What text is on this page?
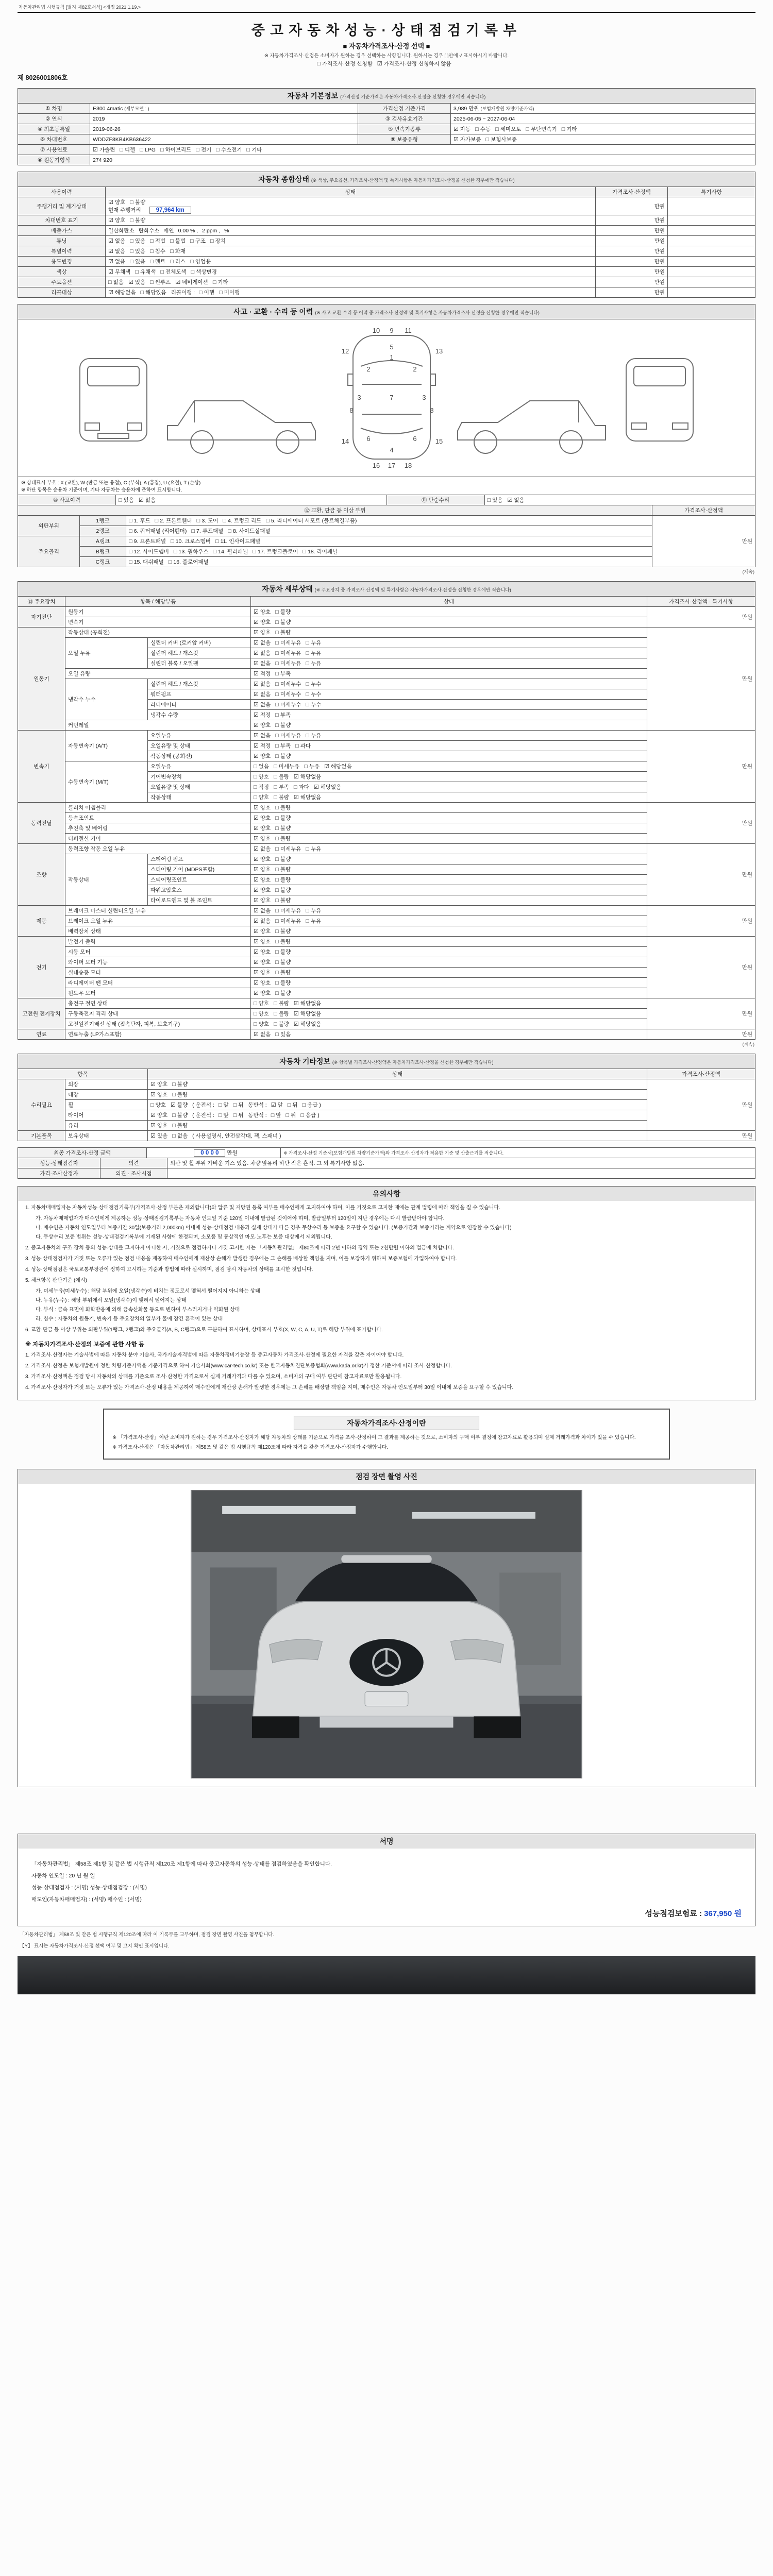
자동차관리법 시행규칙 [별지 제82호서식] <개정 2021.1.19.>
중고자동차성능·상태점검기록부
■ 자동차가격조사·산정 선택 ■
※ 자동차가격조사·산정은 소비자가 원하는 경우 선택하는 사항입니다. 원하시는 경우 [ ]안에 √ 표시하시기 바랍니다.
□ 가격조사·산정 신청함 ☑ 가격조사·산정 신청하지 않음
제 8026001806호
자동차 기본정보 (가격산정 기준가격은 자동차가격조사·산정을 신청한 경우에만 적습니다)			
① 차명	E300 4matic (세부모델 : )	가격산정 기준가격	3,989 만원 (보험개발원 차량기준가액)
② 연식	2019	③ 검사유효기간	2025-06-05 ~ 2027-06-04
④ 최초등록일	2019-06-26	⑤ 변속기종류	☑ 자동 □ 수동 □ 세미오토 □ 무단변속기 □ 기타
⑥ 차대번호	WDDZF8KB4KB636422	⑨ 보증유형	☑ 자가보증 □ 보험사보증
⑦ 사용연료	☑ 가솔린 □ 디젤 □ LPG □ 하이브리드 □ 전기 □ 수소전기 □ 기타		
⑧ 원동기형식	274 920		
자동차 종합상태 (※ 색상, 주요옵션, 가격조사·산정액 및 특기사항은 자동차가격조사·산정을 신청한 경우에만 적습니다)			
사용이력	상태	가격조사·산정액	특기사항
주행거리 및 계기상태	☑ 양호 □ 불량
현재 주행거리 97,964 km	만원	
차대번호 표기	☑ 양호 □ 불량	만원	
배출가스	일산화탄소 탄화수소 매연 0.00 % , 2 ppm , %	만원	
튜닝	☑ 없음 □ 있음 □ 적법 □ 불법 □ 구조 □ 장치	만원	
특별이력	☑ 없음 □ 있음 □ 침수 □ 화재	만원	
용도변경	☑ 없음 □ 있음 □ 렌트 □ 리스 □ 영업용	만원	
색상	☑ 무채색 □ 유채색 □ 전체도색 □ 색상변경	만원	
주요옵션	□ 없음 ☑ 있음 □ 썬루프 ☑ 네비게이션 □ 기타	만원	
리콜대상	☑ 해당없음 □ 해당있음 리콜이행 : □ 이행 □ 미이행	만원	
사고 · 교환 · 수리 등 이력 (※ 사고·교환·수리 등 이력 중 가격조사·산정액 및 특기사항은 자동차가격조사·산정을 신청한 경우에만 적습니다)

5
1
2	2
3	3
7
8	8
6	6
4
9
10	11
12	13
14	15
16 17 18

※ 상태표시 부호 : X (교환), W (판금 또는 용접), C (부식), A (흠집), U (요철), T (손상)
※ 하단 항목은 승용차 기준이며, 기타 자동차는 승용차에 준하여 표시합니다.

⑩ 사고이력	□ 있음 ☑ 없음	⑪ 단순수리	□ 있음 ☑ 없음
⑫ 교환, 판금 등 이상 부위			가격조사·산정액
외판부위	1랭크	□ 1. 후드 □ 2. 프론트휀더 □ 3. 도어 □ 4. 트렁크 리드 □ 5. 라디에이터 서포트 (볼트체결부품)	만원
	2랭크	□ 6. 쿼터패널 (리어휀더) □ 7. 루프패널 □ 8. 사이드실패널	
주요골격	A랭크	□ 9. 프론트패널 □ 10. 크로스멤버 □ 11. 인사이드패널	
	B랭크	□ 12. 사이드멤버 □ 13. 휠하우스 □ 14. 필러패널 □ 17. 트렁크플로어 □ 18. 리어패널	
	C랭크	□ 15. 대쉬패널 □ 16. 플로어패널	
(계속)
자동차 세부상태 (※ 주요장치 중 가격조사·산정액 및 특기사항은 자동차가격조사·산정을 신청한 경우에만 적습니다)				
⑬ 주요장치	항목 / 해당부품		상태	가격조사·산정액 · 특기사항
자기진단	원동기		☑ 양호 □ 불량	만원
	변속기		☑ 양호 □ 불량	
원동기	작동상태 (공회전)		☑ 양호 □ 불량	만원
	오일 누유	실린더 커버 (로커암 커버)	☑ 없음 □ 미세누유 □ 누유	
		실린더 헤드 / 개스킷	☑ 없음 □ 미세누유 □ 누유	
		실린더 블록 / 오일팬	☑ 없음 □ 미세누유 □ 누유	
	오일 유량		☑ 적정 □ 부족	
	냉각수 누수	실린더 헤드 / 개스킷	☑ 없음 □ 미세누수 □ 누수	
		워터펌프	☑ 없음 □ 미세누수 □ 누수	
		라디에이터	☑ 없음 □ 미세누수 □ 누수	
		냉각수 수량	☑ 적정 □ 부족	
	커먼레일		☑ 양호 □ 불량	
변속기	자동변속기 (A/T)	오일누유	☑ 없음 □ 미세누유 □ 누유	만원
		오일유량 및 상태	☑ 적정 □ 부족 □ 과다	
		작동상태 (공회전)	☑ 양호 □ 불량	
	수동변속기 (M/T)	오일누유	□ 없음 □ 미세누유 □ 누유 ☑ 해당없음	
		기어변속장치	□ 양호 □ 불량 ☑ 해당없음	
		오일유량 및 상태	□ 적정 □ 부족 □ 과다 ☑ 해당없음	
		작동상태	□ 양호 □ 불량 ☑ 해당없음	
동력전달	클러치 어셈블리		☑ 양호 □ 불량	만원
	등속조인트		☑ 양호 □ 불량	
	추진축 및 베어링		☑ 양호 □ 불량	
	디퍼렌셜 기어		☑ 양호 □ 불량	
조향	동력조향 작동 오일 누유		☑ 없음 □ 미세누유 □ 누유	만원
	작동상태	스티어링 펌프	☑ 양호 □ 불량	
		스티어링 기어 (MDPS포함)	☑ 양호 □ 불량	
		스티어링조인트	☑ 양호 □ 불량	
		파워고압호스	☑ 양호 □ 불량	
		타이로드엔드 및 볼 조인트	☑ 양호 □ 불량	
제동	브레이크 마스터 실린더오일 누유		☑ 없음 □ 미세누유 □ 누유	만원
	브레이크 오일 누유		☑ 없음 □ 미세누유 □ 누유	
	배력장치 상태		☑ 양호 □ 불량	
전기	발전기 출력		☑ 양호 □ 불량	만원
	시동 모터		☑ 양호 □ 불량	
	와이퍼 모터 기능		☑ 양호 □ 불량	
	실내송풍 모터		☑ 양호 □ 불량	
	라디에이터 팬 모터		☑ 양호 □ 불량	
	윈도우 모터		☑ 양호 □ 불량	
고전원 전기장치	충전구 절연 상태		□ 양호 □ 불량 ☑ 해당없음	만원
	구동축전지 격리 상태		□ 양호 □ 불량 ☑ 해당없음	
	고전원전기배선 상태 (접속단자, 피복, 보호기구)		□ 양호 □ 불량 ☑ 해당없음	
연료	연료누출 (LP가스포함)		☑ 없음 □ 있음	만원
(계속)
자동차 기타정보 (※ 항목별 가격조사·산정액은 자동차가격조사·산정을 신청한 경우에만 적습니다)			
항목		상태	가격조사·산정액
수리필요	외장	☑ 양호 □ 불량	만원
	내장	☑ 양호 □ 불량	
	휠	□ 양호 ☑ 불량 ( 운전석 : □ 앞 □ 뒤 동반석 : ☑ 앞 □ 뒤 □ 응급 )	
	타이어	☑ 양호 □ 불량 ( 운전석 : □ 앞 □ 뒤 동반석 : □ 앞 □ 뒤 □ 응급 )	
	유리	☑ 양호 □ 불량	
기본품목	보유상태	☑ 있음 □ 없음 ( 사용설명서, 안전삼각대, 잭, 스패너 )	만원
최종 가격조사·산정 금액	0 0 0 0 만원	※ 가격조사·산정 기준서(보험개발원 차량기준가액)와 가격조사·산정자가 적용한 기준 및 산출근거를 적습니다.
성능·상태점검자	의견	외관 및 휠 부위 가벼운 기스 있음. 차량 앞유리 하단 작은 흔적. 그 외 특기사항 없음.
가격·조사산정자	의견 · 조사시점	
유의사항
1. 자동차매매업자는 자동차성능·상태점검기록부(가격조사·산정 부분은 제외합니다)와 압류 및 저당권 등록 여부를 매수인에게 고지하여야 하며, 이를 거짓으로 고지한 때에는 관계 법령에 따라 책임을 질 수 있습니다.
가. 자동차매매업자가 매수인에게 제공하는 성능·상태점검기록부는 자동차 인도일 기준 120일 이내에 발급된 것이어야 하며, 발급일부터 120일이 지난 경우에는 다시 발급받아야 합니다.
나. 매수인은 자동차 인도일부터 보증기간 30일(보증거리 2,000km) 이내에 성능·상태점검 내용과 실제 상태가 다른 경우 무상수리 등 보증을 요구할 수 있습니다. (보증기간과 보증거리는 계약으로 연장할 수 있습니다)
다. 무상수리 보증 범위는 성능·상태점검기록부에 기재된 사항에 한정되며, 소모품 및 통상적인 마모·노후는 보증 대상에서 제외됩니다.
2. 중고자동차의 구조·장치 등의 성능·상태를 고지하지 아니한 자, 거짓으로 점검하거나 거짓 고지한 자는 「자동차관리법」 제80조에 따라 2년 이하의 징역 또는 2천만원 이하의 벌금에 처합니다.
3. 성능·상태점검자가 거짓 또는 오류가 있는 점검 내용을 제공하여 매수인에게 재산상 손해가 발생한 경우에는 그 손해를 배상할 책임을 지며, 이를 보장하기 위하여 보증보험에 가입하여야 합니다.
4. 성능·상태점검은 국토교통부장관이 정하여 고시하는 기준과 방법에 따라 실시하며, 점검 당시 자동차의 상태를 표시한 것입니다.
5. 체크항목 판단기준 (예시)
가. 미세누유(미세누수) : 해당 부위에 오일(냉각수)이 비치는 정도로서 맺혀서 떨어지지 아니하는 상태
나. 누유(누수) : 해당 부위에서 오일(냉각수)이 맺혀서 떨어지는 상태
다. 부식 : 금속 표면이 화학반응에 의해 금속산화물 등으로 변하여 부스러지거나 약화된 상태
라. 침수 : 자동차의 원동기, 변속기 등 주요장치의 일부가 물에 잠긴 흔적이 있는 상태
6. 교환·판금 등 이상 부위는 외판부위(1랭크, 2랭크)와 주요골격(A, B, C랭크)으로 구분하여 표시하며, 상태표시 부호(X, W, C, A, U, T)로 해당 부위에 표기합니다.
※ 자동차가격조사·산정의 보증에 관한 사항 등
1. 가격조사·산정자는 기술사법에 따른 자동차 분야 기술사, 국가기술자격법에 따른 자동차정비기능장 등 중고자동차 가격조사·산정에 필요한 자격을 갖춘 자이어야 합니다.
2. 가격조사·산정은 보험개발원이 정한 차량기준가액을 기준가격으로 하여 기술사회(www.car-tech.co.kr) 또는 한국자동차진단보증협회(www.kada.or.kr)가 정한 기준서에 따라 조사·산정합니다.
3. 가격조사·산정액은 점검 당시 자동차의 상태를 기준으로 조사·산정한 가격으로서 실제 거래가격과 다를 수 있으며, 소비자의 구매 여부 판단에 참고자료로만 활용됩니다.
4. 가격조사·산정자가 거짓 또는 오류가 있는 가격조사·산정 내용을 제공하여 매수인에게 재산상 손해가 발생한 경우에는 그 손해를 배상할 책임을 지며, 매수인은 자동차 인도일부터 30일 이내에 보증을 요구할 수 있습니다.
자동차가격조사·산정이란

※ 「가격조사·산정」이란 소비자가 원하는 경우 가격조사·산정자가 해당 자동차의 상태를 기준으로 가격을 조사·산정하여 그 결과를 제공하는 것으로, 소비자의 구매 여부 결정에 참고자료로 활용되며 실제 거래가격과 차이가 있을 수 있습니다.

※ 가격조사·산정은 「자동차관리법」 제58조 및 같은 법 시행규칙 제120조에 따라 자격을 갖춘 가격조사·산정자가 수행합니다.

점검 장면 촬영 사진
서명

「자동차관리법」 제58조 제1항 및 같은 법 시행규칙 제120조 제1항에 따라 중고자동차의 성능·상태를 점검하였음을 확인합니다.

자동차 인도일 : 20 년 월 일

성능·상태점검자 : (서명) 성능·상태점검장 : (서명)

매도인(자동차매매업자) : (서명) 매수인 : (서명)

성능점검보험료 : 367,950 원

「자동차관리법」 제58조 및 같은 법 시행규칙 제120조에 따라 이 기록부를 교부하며, 점검 장면 촬영 사진을 첨부합니다.

【Y】 표시는 자동차가격조사·산정 선택 여부 및 고지 확인 표시입니다.
